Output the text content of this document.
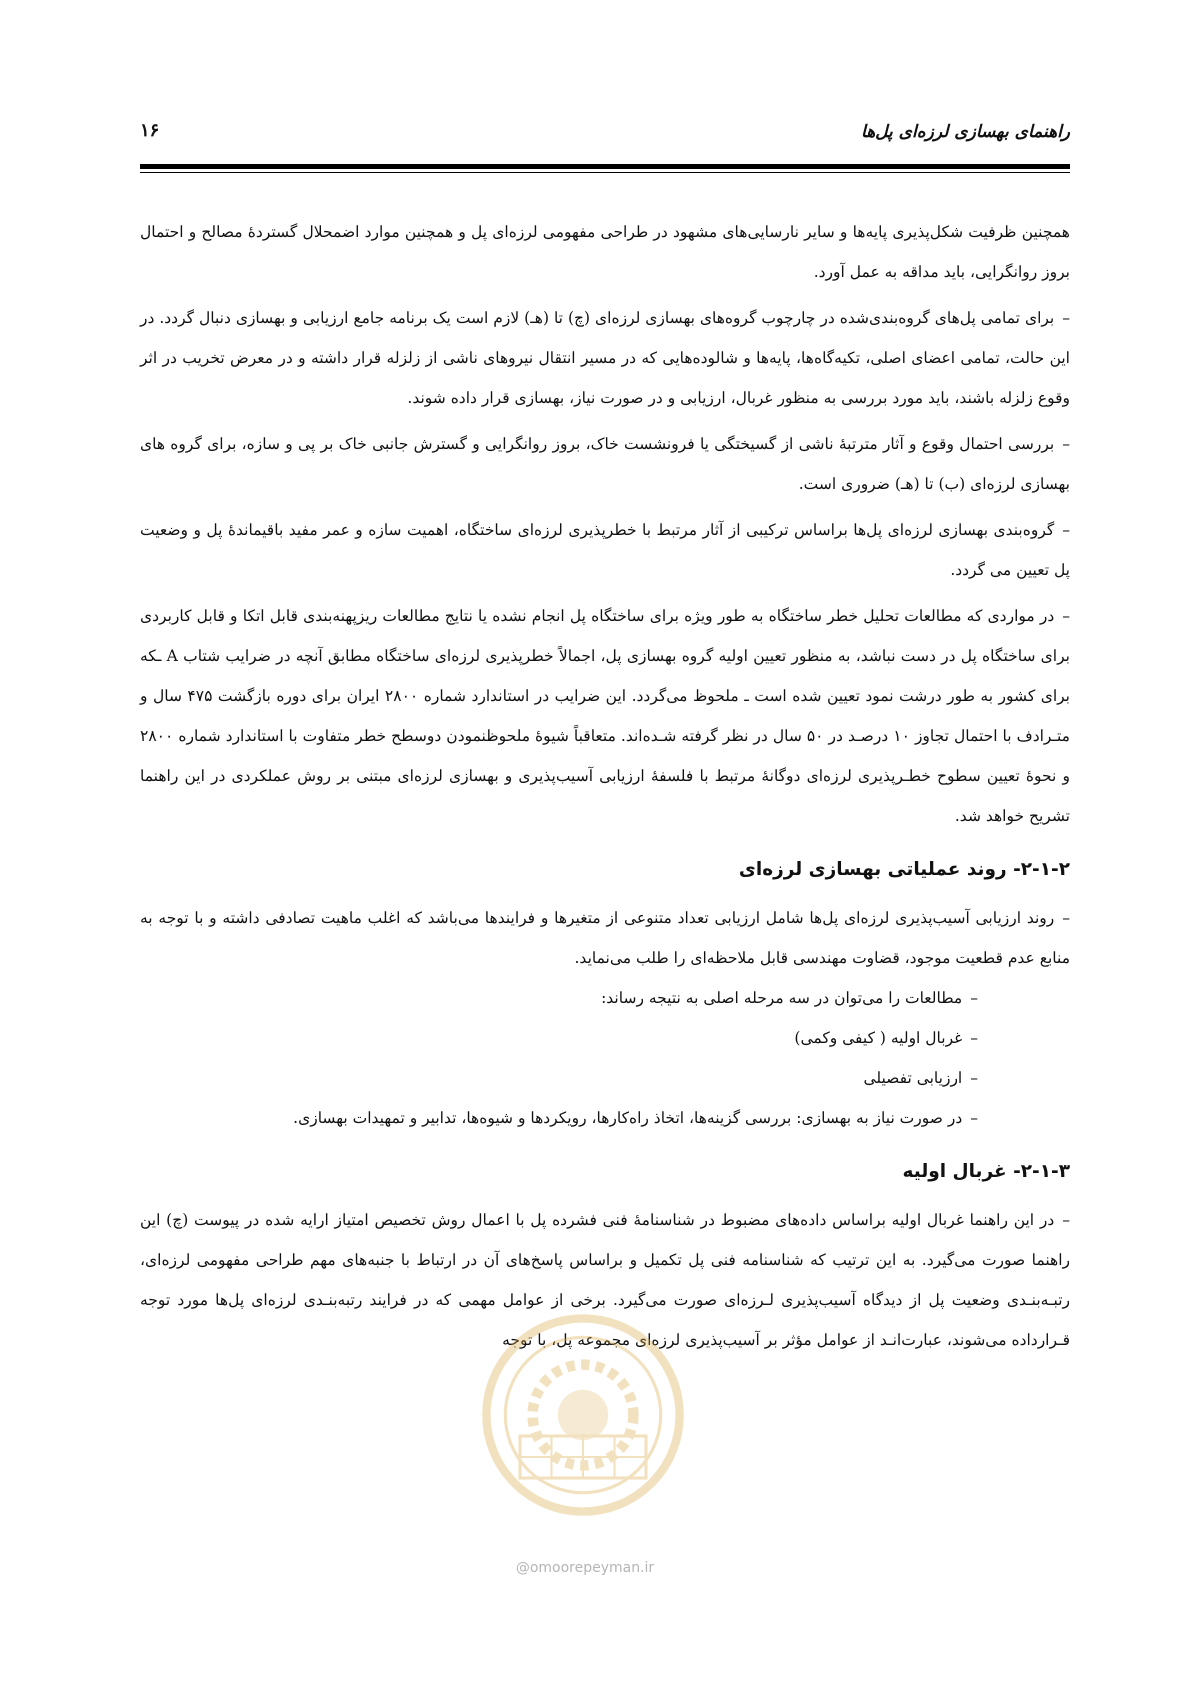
راهنمای بهسازی لرزه‌ای پل‌ها
۱۶

همچنین ظرفیت شکل‌پذیری پایه‌ها و سایر نارسایی‌های مشهود در طراحی مفهومی لرزه‌ای پل و همچنین موارد اضمحلال گستردهٔ مصالح و احتمال بروز روانگرایی، باید مداقه به عمل آورد.

–برای تمامی پل‌های گروه‌بندی‌شده در چارچوب گروه‌های بهسازی لرزه‌ای (چ) تا (هـ) لازم است یک برنامه جامع ارزیابی و بهسازی دنبال گردد. در این حالت، تمامی اعضای اصلی، تکیه‌گاه‌ها، پایه‌ها و شالوده‌هایی که در مسیر انتقال نیروهای ناشی از زلزله قرار داشته و در معرض تخریب در اثر وقوع زلزله باشند، باید مورد بررسی به منظور غربال، ارزیابی و در صورت نیاز، بهسازی قرار داده شوند.

–بررسی احتمال وقوع و آثار مترتبهٔ ناشی از گسیختگی یا فرونشست خاک، بروز روانگرایی و گسترش جانبی خاک بر پی و سازه، برای گروه های بهسازی لرزه‌ای (ب) تا (هـ) ضروری است.

–گروه‌بندی بهسازی لرزه‌ای پل‌ها براساس ترکیبی از آثار مرتبط با خطرپذیری لرزه‌ای ساختگاه، اهمیت سازه و عمر مفید باقیماندهٔ پل و وضعیت پل تعیین می گردد.

–در مواردی که مطالعات تحلیل خطر ساختگاه به طور ویژه برای ساختگاه پل انجام نشده یا نتایج مطالعات ریزپهنه‌بندی قابل اتکا و قابل کاربردی برای ساختگاه پل در دست نباشد، به منظور تعیین اولیه گروه بهسازی پل، اجمالاً خطرپذیری لرزه‌ای ساختگاه مطابق آنچه در ضرایب شتاب A ـکه برای کشور به طور درشت نمود تعیین شده است ـ ملحوظ می‌گردد. این ضرایب در استاندارد شماره ۲۸۰۰ ایران برای دوره بازگشت ۴۷۵ سال و متـرادف با احتمال تجاوز ۱۰ درصـد در ۵۰ سال در نظر گرفته شـده‌اند. متعاقباً شیوهٔ ملحوظنمودن دوسطح خطر متفاوت با استاندارد شماره ۲۸۰۰ و نحوهٔ تعیین سطوح خطـرپذیری لرزه‌ای دوگانهٔ مرتبط با فلسفهٔ ارزیابی آسیب‌پذیری و بهسازی لرزه‌ای مبتنی بر روش عملکردی در این راهنما تشریح خواهد شد.

۲-۱-۲- روند عملیاتی بهسازی لرزه‌ای

–روند ارزیابی آسیب‌پذیری لرزه‌ای پل‌ها شامل ارزیابی تعداد متنوعی از متغیرها و فرایندها می‌باشد که اغلب ماهیت تصادفی داشته و با توجه به منابع عدم قطعیت موجود، قضاوت مهندسی قابل ملاحظه‌ای را طلب می‌نماید.

–مطالعات را می‌توان در سه مرحله اصلی به نتیجه رساند:

–غربال اولیه ( کیفی وکمی)

–ارزیابی تفصیلی

–در صورت نیاز به بهسازی: بررسی گزینه‌ها، اتخاذ راه‌کارها، رویکردها و شیوه‌ها، تدابیر و تمهیدات بهسازی.

۲-۱-۳- غربال اولیه

–در این راهنما غربال اولیه براساس داده‌های مضبوط در شناسنامهٔ فنی فشرده پل با اعمال روش تخصیص امتیاز ارایه شده در پیوست (چ) این راهنما صورت می‌گیرد. به این ترتیب که شناسنامه فنی پل تکمیل و براساس پاسخ‌های آن در ارتباط با جنبه‌های مهم طراحی مفهومی لرزه‌ای، رتبـه‌بنـدی وضعیت پل از دیدگاه آسیب‌پذیری لـرزه‌ای صورت می‌گیرد. برخی از عوامل مهمی که در فرایند رتبه‌بنـدی لرزه‌ای پل‌ها مورد توجه قـرارداده می‌شوند، عبارت‌انـد از عوامل مؤثر بر آسیب‌پذیری لرزه‌ای مجموعه پل، با توجه

@omoorepeyman.ir
